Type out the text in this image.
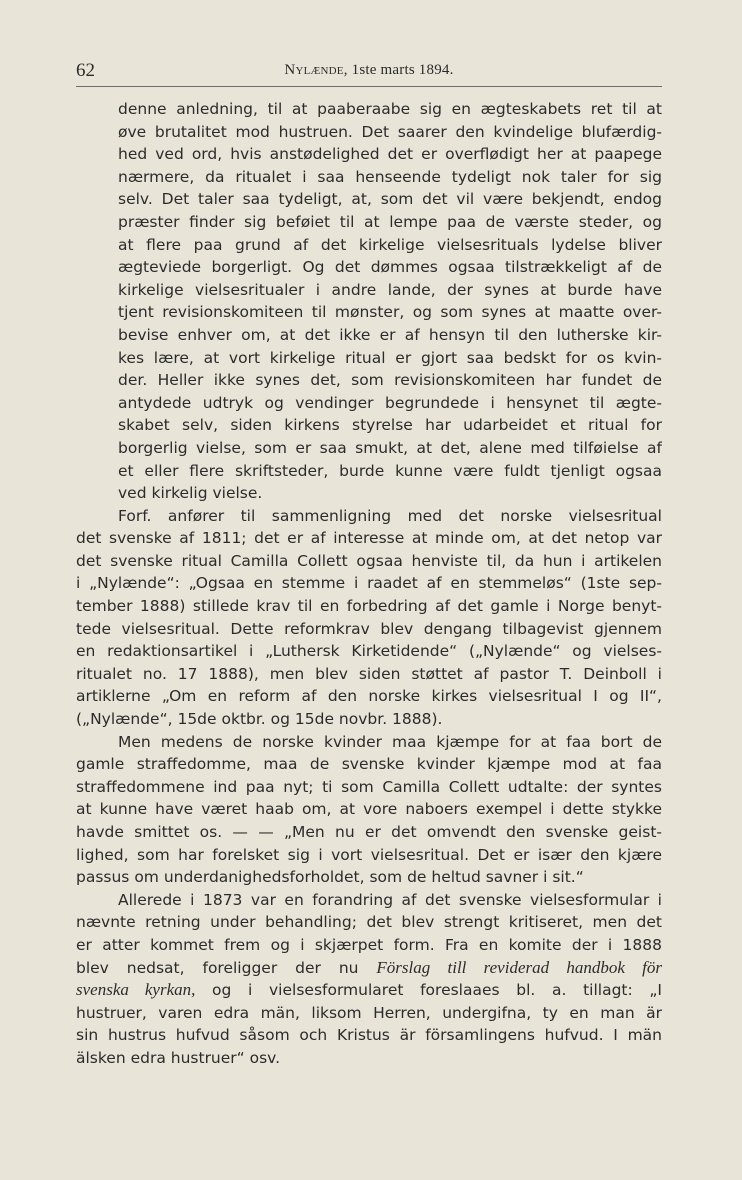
62	Nylænde, 1ste marts 1894.
denne anledning, til at paaberaabe sig en ægteskabets ret til at
øve brutalitet mod hustruen. Det saarer den kvindelige blufærdig-
hed ved ord, hvis anstødelighed det er overflødigt her at paapege
nærmere, da ritualet i saa henseende tydeligt nok taler for sig
selv. Det taler saa tydeligt, at, som det vil være bekjendt, endog
præster finder sig beføiet til at lempe paa de værste steder, og
at flere paa grund af det kirkelige vielsesrituals lydelse bliver
ægteviede borgerligt. Og det dømmes ogsaa tilstrækkeligt af de
kirkelige vielsesritualer i andre lande, der synes at burde have
tjent revisionskomiteen til mønster, og som synes at maatte over-
bevise enhver om, at det ikke er af hensyn til den lutherske kir-
kes lære, at vort kirkelige ritual er gjort saa bedskt for os kvin-
der. Heller ikke synes det, som revisionskomiteen har fundet de
antydede udtryk og vendinger begrundede i hensynet til ægte-
skabet selv, siden kirkens styrelse har udarbeidet et ritual for
borgerlig vielse, som er saa smukt, at det, alene med tilføielse af
et eller flere skriftsteder, burde kunne være fuldt tjenligt ogsaa
ved kirkelig vielse.
Forf. anfører til sammenligning med det norske vielsesritual
det svenske af 1811; det er af interesse at minde om, at det netop var
det svenske ritual Camilla Collett ogsaa henviste til, da hun i artikelen
i „Nylænde“: „Ogsaa en stemme i raadet af en stemmeløs“ (1ste sep-
tember 1888) stillede krav til en forbedring af det gamle i Norge benyt-
tede vielsesritual. Dette reformkrav blev dengang tilbagevist gjennem
en redaktionsartikel i „Luthersk Kirketidende“ („Nylænde“ og vielses-
ritualet no. 17 1888), men blev siden støttet af pastor T. Deinboll i
artiklerne „Om en reform af den norske kirkes vielsesritual I og II“,
(„Nylænde“, 15de oktbr. og 15de novbr. 1888).
Men medens de norske kvinder maa kjæmpe for at faa bort de
gamle straffedomme, maa de svenske kvinder kjæmpe mod at faa
straffedommene ind paa nyt; ti som Camilla Collett udtalte: der syntes
at kunne have været haab om, at vore naboers exempel i dette stykke
havde smittet os. — — „Men nu er det omvendt den svenske geist-
lighed, som har forelsket sig i vort vielsesritual. Det er især den kjære
passus om underdanighedsforholdet, som de heltud savner i sit.“
Allerede i 1873 var en forandring af det svenske vielsesformular i
nævnte retning under behandling; det blev strengt kritiseret, men det
er atter kommet frem og i skjærpet form. Fra en komite der i 1888
blev nedsat, foreligger der nu Förslag till reviderad handbok för
svenska kyrkan, og i vielsesformularet foreslaaes bl. a. tillagt: „I
hustruer, varen edra män, liksom Herren, undergifna, ty en man är
sin hustrus hufvud såsom och Kristus är församlingens hufvud. I män
älsken edra hustruer“ osv.
